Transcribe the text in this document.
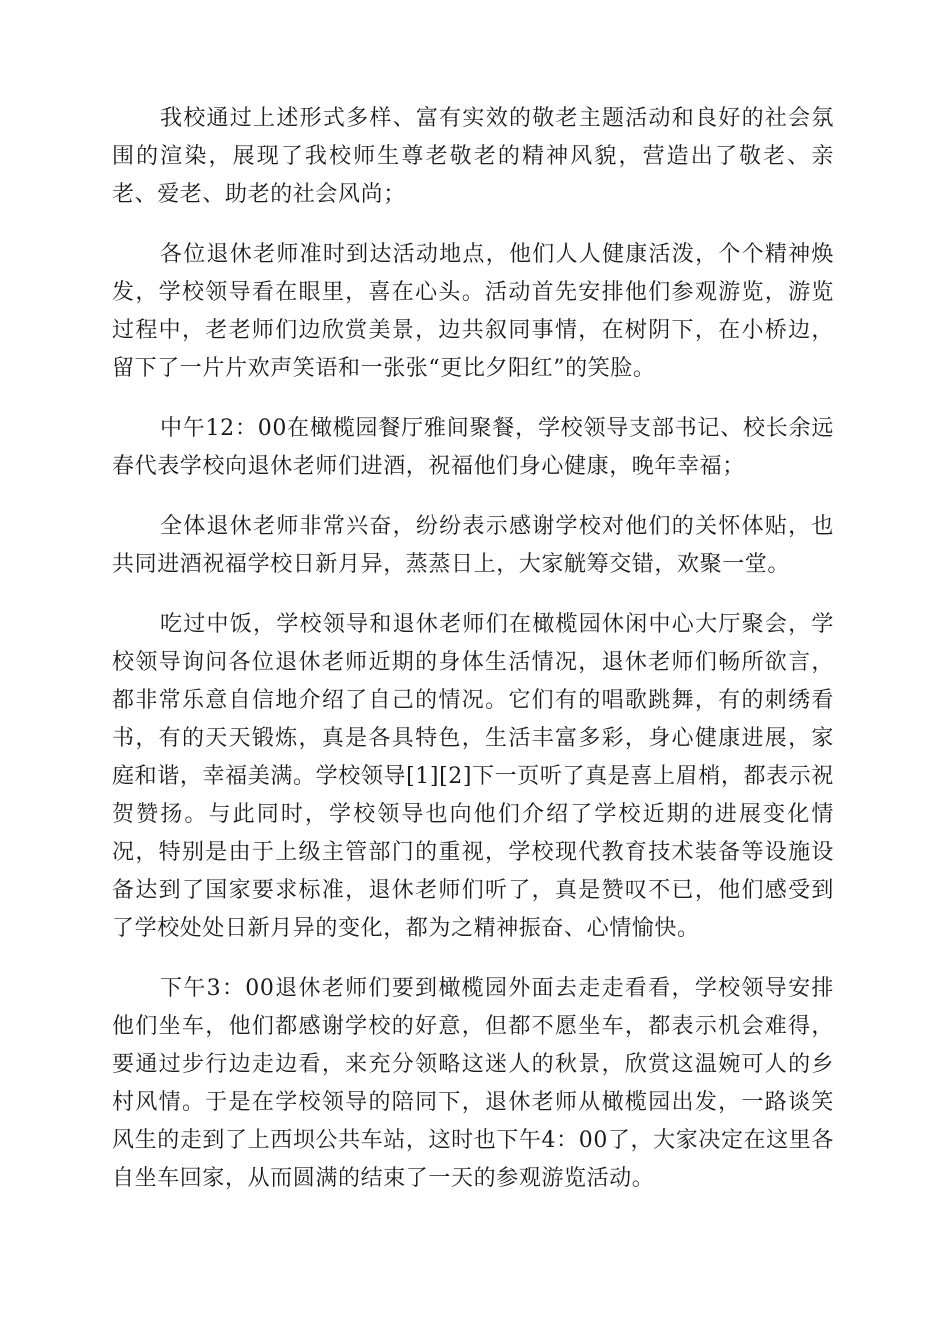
我校通过上述形式多样、富有实效的敬老主题活动和良好的社会氛围的渲染，展现了我校师生尊老敬老的精神风貌，营造出了敬老、亲老、爱老、助老的社会风尚；

各位退休老师准时到达活动地点，他们人人健康活泼，个个精神焕发，学校领导看在眼里，喜在心头。活动首先安排他们参观游览，游览过程中，老老师们边欣赏美景，边共叙同事情，在树阴下，在小桥边，留下了一片片欢声笑语和一张张“更比夕阳红”的笑脸。

中午12：00在橄榄园餐厅雅间聚餐，学校领导支部书记、校长余远春代表学校向退休老师们进酒，祝福他们身心健康，晚年幸福；

全体退休老师非常兴奋，纷纷表示感谢学校对他们的关怀体贴，也共同进酒祝福学校日新月异，蒸蒸日上，大家觥筹交错，欢聚一堂。

吃过中饭，学校领导和退休老师们在橄榄园休闲中心大厅聚会，学校领导询问各位退休老师近期的身体生活情况，退休老师们畅所欲言，都非常乐意自信地介绍了自己的情况。它们有的唱歌跳舞，有的刺绣看书，有的天天锻炼，真是各具特色，生活丰富多彩，身心健康进展，家庭和谐，幸福美满。学校领导[1][2]下一页听了真是喜上眉梢，都表示祝贺赞扬。与此同时，学校领导也向他们介绍了学校近期的进展变化情况，特别是由于上级主管部门的重视，学校现代教育技术装备等设施设备达到了国家要求标准，退休老师们听了，真是赞叹不已，他们感受到了学校处处日新月异的变化，都为之精神振奋、心情愉快。

下午3：00退休老师们要到橄榄园外面去走走看看，学校领导安排他们坐车，他们都感谢学校的好意，但都不愿坐车，都表示机会难得，要通过步行边走边看，来充分领略这迷人的秋景，欣赏这温婉可人的乡村风情。于是在学校领导的陪同下，退休老师从橄榄园出发，一路谈笑风生的走到了上西坝公共车站，这时也下午4：00了，大家决定在这里各自坐车回家，从而圆满的结束了一天的参观游览活动。
